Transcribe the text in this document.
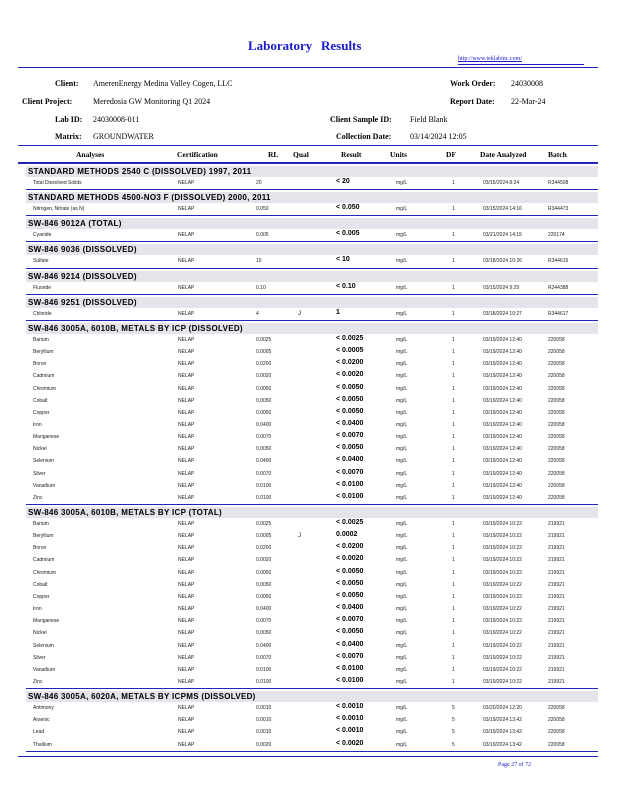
Laboratory Results
http://www.teklabinc.com/
Client: AmerenEnergy Medina Valley Cogen, LLC	Work Order: 24030008
Client Project:	Meredosia GW Monitoring Q1 2024	Report Date: 22-Mar-24
Lab ID: 24030008-011	Client Sample ID: Field Blank
Matrix: GROUNDWATER	Collection Date: 03/14/2024 12:05
Analyses	Certification	RL Qual	Result	Units	DF	Date Analyzed	Batch
STANDARD METHODS 2540 C (DISSOLVED) 1997, 2011
Total Dissolved Solids	NELAP	20	< 20	mg/L	1	03/15/2024 8:24	R344508
STANDARD METHODS 4500-NO3 F (DISSOLVED) 2000, 2011
Nitrogen, Nitrate (as N)	NELAP	0.050	< 0.050	mg/L	1	03/15/2024 14:16	R344473
SW-846 9012A (TOTAL)
Cyanide	NELAP	0.005	< 0.005	mg/L	1	03/21/2024 14:15	220174
SW-846 9036 (DISSOLVED)
Sulfate	NELAP	10	< 10	mg/L	1	03/18/2024 10:26	R344615
SW-846 9214 (DISSOLVED)
Fluoride	NELAP	0.10	< 0.10	mg/L	1	03/15/2024 9:29	R344388
SW-846 9251 (DISSOLVED)
Chloride	NELAP	4	J	1	mg/L	1	03/18/2024 10:27	R344617
SW-846 3005A, 6010B, METALS BY ICP (DISSOLVED)
Barium	NELAP	0.0025	< 0.0025	mg/L	1	03/19/2024 12:40	220058
Beryllium	NELAP	0.0005	< 0.0005	mg/L	1	03/19/2024 12:40	220058
Boron	NELAP	0.0200	< 0.0200	mg/L	1	03/19/2024 12:40	220058
Cadmium	NELAP	0.0020	< 0.0020	mg/L	1	03/19/2024 12:40	220058
Chromium	NELAP	0.0050	< 0.0050	mg/L	1	03/19/2024 12:40	220058
Cobalt	NELAP	0.0050	< 0.0050	mg/L	1	03/19/2024 12:40	220058
Copper	NELAP	0.0050	< 0.0050	mg/L	1	03/19/2024 12:40	220058
Iron	NELAP	0.0400	< 0.0400	mg/L	1	03/19/2024 12:40	220058
Manganese	NELAP	0.0070	< 0.0070	mg/L	1	03/19/2024 12:40	220058
Nickel	NELAP	0.0050	< 0.0050	mg/L	1	03/19/2024 12:40	220058
Selenium	NELAP	0.0400	< 0.0400	mg/L	1	03/19/2024 12:40	220058
Silver	NELAP	0.0070	< 0.0070	mg/L	1	03/19/2024 12:40	220058
Vanadium	NELAP	0.0100	< 0.0100	mg/L	1	03/19/2024 12:40	220058
Zinc	NELAP	0.0100	< 0.0100	mg/L	1	03/19/2024 12:40	220058
SW-846 3005A, 6010B, METALS BY ICP (TOTAL)
Barium	NELAP	0.0025	< 0.0025	mg/L	1	03/19/2024 10:22	219921
Beryllium	NELAP	0.0005	J	0.0002	mg/L	1	03/19/2024 10:22	219921
Boron	NELAP	0.0200	< 0.0200	mg/L	1	03/19/2024 10:22	219921
Cadmium	NELAP	0.0020	< 0.0020	mg/L	1	03/19/2024 10:22	219921
Chromium	NELAP	0.0050	< 0.0050	mg/L	1	03/19/2024 10:22	219921
Cobalt	NELAP	0.0050	< 0.0050	mg/L	1	03/19/2024 10:22	219921
Copper	NELAP	0.0050	< 0.0050	mg/L	1	03/19/2024 10:22	219921
Iron	NELAP	0.0400	< 0.0400	mg/L	1	03/19/2024 10:22	219921
Manganese	NELAP	0.0070	< 0.0070	mg/L	1	03/19/2024 10:22	219921
Nickel	NELAP	0.0050	< 0.0050	mg/L	1	03/19/2024 10:22	219921
Selenium	NELAP	0.0400	< 0.0400	mg/L	1	03/19/2024 10:22	219921
Silver	NELAP	0.0070	< 0.0070	mg/L	1	03/19/2024 10:22	219921
Vanadium	NELAP	0.0100	< 0.0100	mg/L	1	03/19/2024 10:22	219921
Zinc	NELAP	0.0100	< 0.0100	mg/L	1	03/19/2024 10:22	219921
SW-846 3005A, 6020A, METALS BY ICPMS (DISSOLVED)
Antimony	NELAP	0.0010	< 0.0010	mg/L	5	03/20/2024 12:20	220058
Arsenic	NELAP	0.0010	< 0.0010	mg/L	5	03/19/2024 13:42	220058
Lead	NELAP	0.0010	< 0.0010	mg/L	5	03/19/2024 13:42	220058
Thallium	NELAP	0.0020	< 0.0020	mg/L	5	03/19/2024 13:42	220058
Page 27 of 72
